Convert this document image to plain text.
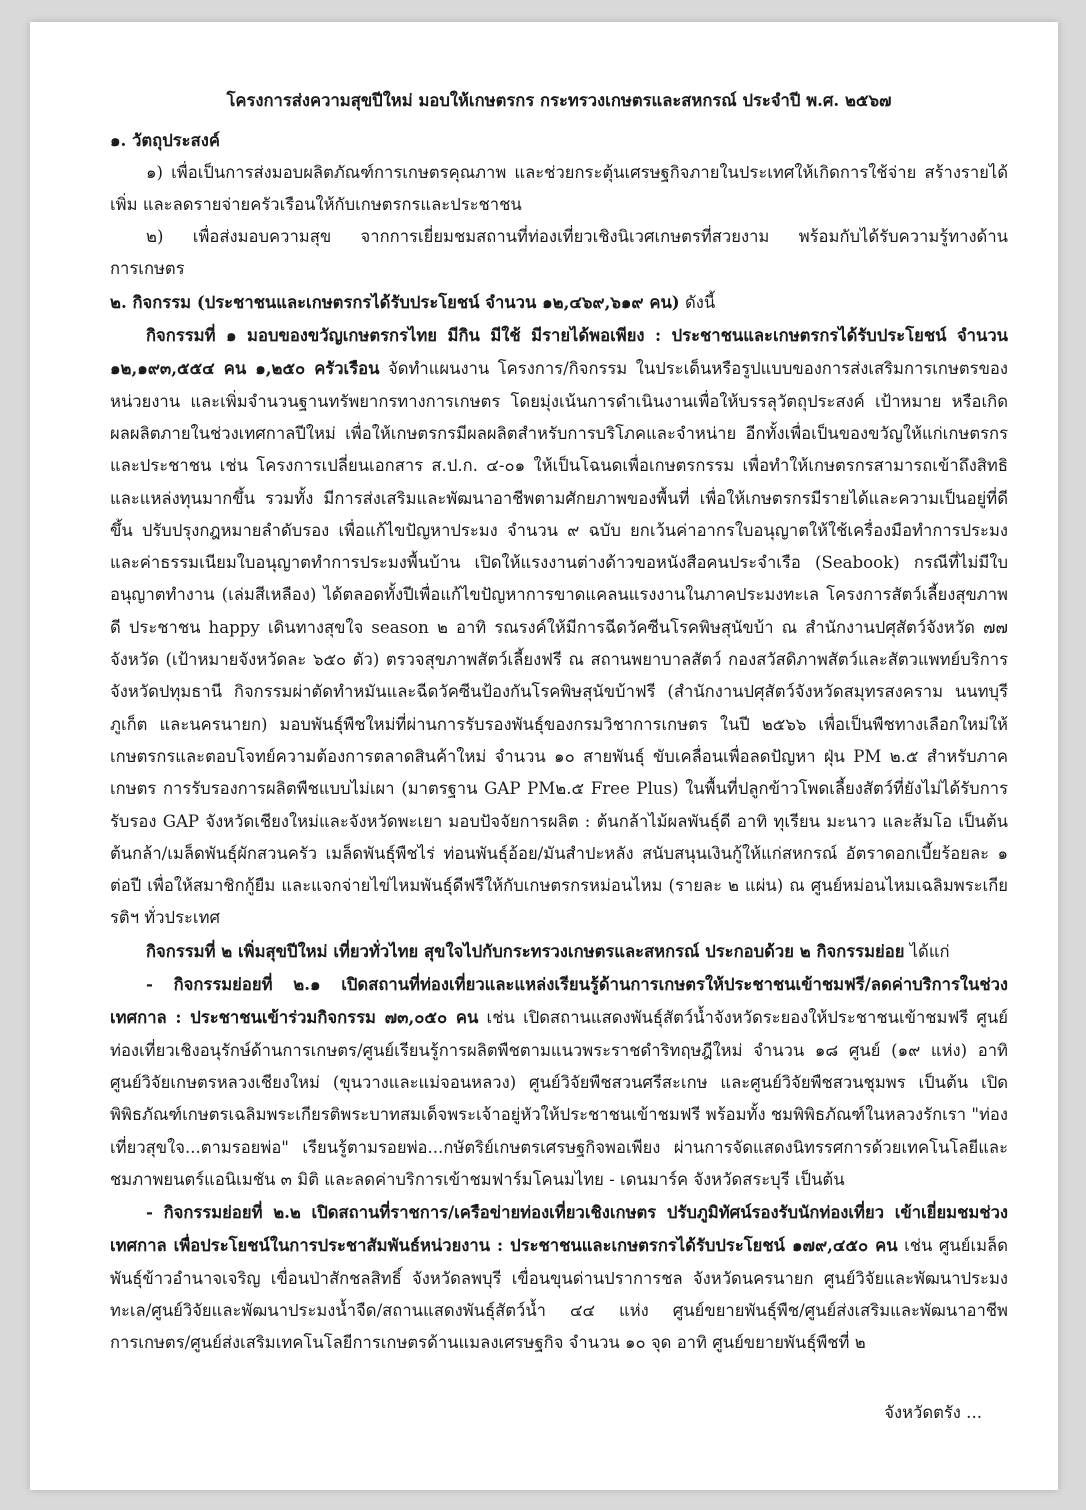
โครงการส่งความสุขปีใหม่ มอบให้เกษตรกร กระทรวงเกษตรและสหกรณ์ ประจำปี พ.ศ. ๒๕๖๗

๑. วัตถุประสงค์

๑) เพื่อเป็นการส่งมอบผลิตภัณฑ์การเกษตรคุณภาพ และช่วยกระตุ้นเศรษฐกิจภายในประเทศให้เกิดการใช้จ่าย สร้างรายได้เพิ่ม และลดรายจ่ายครัวเรือนให้กับเกษตรกรและประชาชน

๒) เพื่อส่งมอบความสุข จากการเยี่ยมชมสถานที่ท่องเที่ยวเชิงนิเวศเกษตรที่สวยงาม พร้อมกับได้รับความรู้ทางด้านการเกษตร

๒. กิจกรรม (ประชาชนและเกษตรกรได้รับประโยชน์ จำนวน ๑๒,๔๖๙,๖๑๙ คน) ดังนี้

กิจกรรมที่ ๑ มอบของขวัญเกษตรกรไทย มีกิน มีใช้ มีรายได้พอเพียง : ประชาชนและเกษตรกรได้รับประโยชน์ จำนวน ๑๒,๑๙๓,๕๕๔ คน ๑,๒๕๐ ครัวเรือน จัดทำแผนงาน โครงการ/กิจกรรม ในประเด็นหรือรูปแบบของการส่งเสริมการเกษตรของหน่วยงาน และเพิ่มจำนวนฐานทรัพยากรทางการเกษตร โดยมุ่งเน้นการดำเนินงานเพื่อให้บรรลุวัตถุประสงค์ เป้าหมาย หรือเกิดผลผลิตภายในช่วงเทศกาลปีใหม่ เพื่อให้เกษตรกรมีผลผลิตสำหรับการบริโภคและจำหน่าย อีกทั้งเพื่อเป็นของขวัญให้แก่เกษตรกรและประชาชน เช่น โครงการเปลี่ยนเอกสาร ส.ป.ก. ๔-๐๑ ให้เป็นโฉนดเพื่อเกษตรกรรม เพื่อทำให้เกษตรกรสามารถเข้าถึงสิทธิและแหล่งทุนมากขึ้น รวมทั้ง มีการส่งเสริมและพัฒนาอาชีพตามศักยภาพของพื้นที่ เพื่อให้เกษตรกรมีรายได้และความเป็นอยู่ที่ดีขึ้น ปรับปรุงกฎหมายลำดับรอง เพื่อแก้ไขปัญหาประมง จำนวน ๙ ฉบับ ยกเว้นค่าอากรใบอนุญาตให้ใช้เครื่องมือทำการประมง และค่าธรรมเนียมใบอนุญาตทำการประมงพื้นบ้าน เปิดให้แรงงานต่างด้าวขอหนังสือคนประจำเรือ (Seabook) กรณีที่ไม่มีใบอนุญาตทำงาน (เล่มสีเหลือง) ได้ตลอดทั้งปีเพื่อแก้ไขปัญหาการขาดแคลนแรงงานในภาคประมงทะเล โครงการสัตว์เลี้ยงสุขภาพดี ประชาชน happy เดินทางสุขใจ season ๒ อาทิ รณรงค์ให้มีการฉีดวัคซีนโรคพิษสุนัขบ้า ณ สำนักงานปศุสัตว์จังหวัด ๗๗ จังหวัด (เป้าหมายจังหวัดละ ๖๕๐ ตัว) ตรวจสุขภาพสัตว์เลี้ยงฟรี ณ สถานพยาบาลสัตว์ กองสวัสดิภาพสัตว์และสัตวแพทย์บริการ จังหวัดปทุมธานี กิจกรรมผ่าตัดทำหมันและฉีดวัคซีนป้องกันโรคพิษสุนัขบ้าฟรี (สำนักงานปศุสัตว์จังหวัดสมุทรสงคราม นนทบุรี ภูเก็ต และนครนายก) มอบพันธุ์พืชใหม่ที่ผ่านการรับรองพันธุ์ของกรมวิชาการเกษตร ในปี ๒๕๖๖ เพื่อเป็นพืชทางเลือกใหม่ให้เกษตรกรและตอบโจทย์ความต้องการตลาดสินค้าใหม่ จำนวน ๑๐ สายพันธุ์ ขับเคลื่อนเพื่อลดปัญหา ฝุ่น PM ๒.๕ สำหรับภาคเกษตร การรับรองการผลิตพืชแบบไม่เผา (มาตรฐาน GAP PM๒.๕ Free Plus) ในพื้นที่ปลูกข้าวโพดเลี้ยงสัตว์ที่ยังไม่ได้รับการรับรอง GAP จังหวัดเชียงใหม่และจังหวัดพะเยา มอบปัจจัยการผลิต : ต้นกล้าไม้ผลพันธุ์ดี อาทิ ทุเรียน มะนาว และส้มโอ เป็นต้น ต้นกล้า/เมล็ดพันธุ์ผักสวนครัว เมล็ดพันธุ์พืชไร่ ท่อนพันธุ์อ้อย/มันสำปะหลัง สนับสนุนเงินกู้ให้แก่สหกรณ์ อัตราดอกเบี้ยร้อยละ ๑ ต่อปี เพื่อให้สมาชิกกู้ยืม และแจกจ่ายไข่ไหมพันธุ์ดีฟรีให้กับเกษตรกรหม่อนไหม (รายละ ๒ แผ่น) ณ ศูนย์หม่อนไหมเฉลิมพระเกียรติฯ ทั่วประเทศ

กิจกรรมที่ ๒ เพิ่มสุขปีใหม่ เที่ยวทั่วไทย สุขใจไปกับกระทรวงเกษตรและสหกรณ์ ประกอบด้วย ๒ กิจกรรมย่อย ได้แก่

- กิจกรรมย่อยที่ ๒.๑ เปิดสถานที่ท่องเที่ยวและแหล่งเรียนรู้ด้านการเกษตรให้ประชาชนเข้าชมฟรี/ลดค่าบริการในช่วงเทศกาล : ประชาชนเข้าร่วมกิจกรรม ๗๓,๐๕๐ คน เช่น เปิดสถานแสดงพันธุ์สัตว์น้ำจังหวัดระยองให้ประชาชนเข้าชมฟรี ศูนย์ท่องเที่ยวเชิงอนุรักษ์ด้านการเกษตร/ศูนย์เรียนรู้การผลิตพืชตามแนวพระราชดำริทฤษฎีใหม่ จำนวน ๑๘ ศูนย์ (๑๙ แห่ง) อาทิ ศูนย์วิจัยเกษตรหลวงเชียงใหม่ (ขุนวางและแม่จอนหลวง) ศูนย์วิจัยพืชสวนศรีสะเกษ และศูนย์วิจัยพืชสวนชุมพร เป็นต้น เปิดพิพิธภัณฑ์เกษตรเฉลิมพระเกียรติพระบาทสมเด็จพระเจ้าอยู่หัวให้ประชาชนเข้าชมฟรี พร้อมทั้ง ชมพิพิธภัณฑ์ในหลวงรักเรา "ท่องเที่ยวสุขใจ...ตามรอยพ่อ" เรียนรู้ตามรอยพ่อ...กษัตริย์เกษตรเศรษฐกิจพอเพียง ผ่านการจัดแสดงนิทรรศการด้วยเทคโนโลยีและชมภาพยนตร์แอนิเมชัน ๓ มิติ และลดค่าบริการเข้าชมฟาร์มโคนมไทย - เดนมาร์ค จังหวัดสระบุรี เป็นต้น

- กิจกรรมย่อยที่ ๒.๒ เปิดสถานที่ราชการ/เครือข่ายท่องเที่ยวเชิงเกษตร ปรับภูมิทัศน์รองรับนักท่องเที่ยว เข้าเยี่ยมชมช่วงเทศกาล เพื่อประโยชน์ในการประชาสัมพันธ์หน่วยงาน : ประชาชนและเกษตรกรได้รับประโยชน์ ๑๗๙,๔๕๐ คน เช่น ศูนย์เมล็ดพันธุ์ข้าวอำนาจเจริญ เขื่อนป่าสักชลสิทธิ์ จังหวัดลพบุรี เขื่อนขุนด่านปราการชล จังหวัดนครนายก ศูนย์วิจัยและพัฒนาประมงทะเล/ศูนย์วิจัยและพัฒนาประมงน้ำจืด/สถานแสดงพันธุ์สัตว์น้ำ ๔๔ แห่ง ศูนย์ขยายพันธุ์พืช/ศูนย์ส่งเสริมและพัฒนาอาชีพการเกษตร/ศูนย์ส่งเสริมเทคโนโลยีการเกษตรด้านแมลงเศรษฐกิจ จำนวน ๑๐ จุด อาทิ ศูนย์ขยายพันธุ์พืชที่ ๒

จังหวัดตรัง ...
